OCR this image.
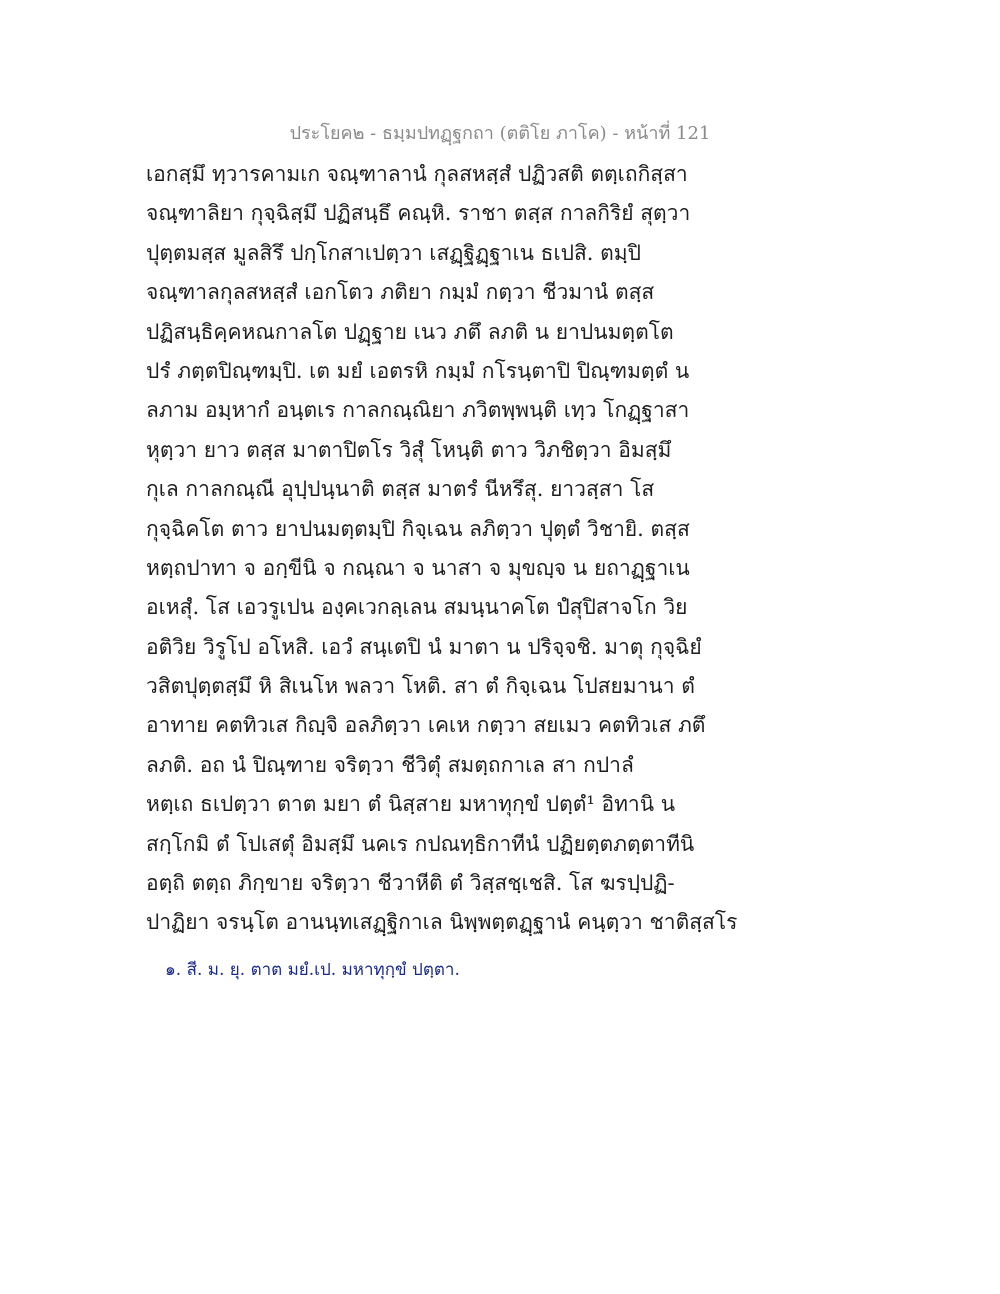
ประโยค๒ - ธมฺมปทฏฺฐกถา (ตติโย ภาโค) - หน้าที่ 121
เอกสฺมึ ทฺวารคามเก จณฺฑาลานํ กุลสหสฺสํ ปฏิวสติ ตตฺเถกิสฺสา
จณฺฑาลิยา กุจฺฉิสฺมึ ปฏิสนฺธึ คณฺหิ. ราชา ตสฺส กาลกิริยํ สุตฺวา
ปุตฺตมสฺส มูลสิรึ ปกฺโกสาเปตฺวา เสฏฺฐิฏฺฐาเน ธเปสิ. ตมฺปิ
จณฺฑาลกุลสหสฺสํ เอกโตว ภติยา กมฺมํ กตฺวา ชีวมานํ ตสฺส
ปฏิสนฺธิคฺคหณกาลโต ปฏฺฐาย เนว ภตึ ลภติ น ยาปนมตฺตโต
ปรํ ภตฺตปิณฺฑมฺปิ. เต มยํ เอตรหิ กมฺมํ กโรนฺตาปิ ปิณฺฑมตฺตํ น
ลภาม อมฺหากํ อนฺตเร กาลกณฺณิยา ภวิตพฺพนฺติ เทฺว โกฏฺฐาสา
หุตฺวา ยาว ตสฺส มาตาปิตโร วิสุํ โหนฺติ ตาว วิภชิตฺวา อิมสฺมึ
กุเล กาลกณฺณี อุปฺปนฺนาติ ตสฺส มาตรํ นีหรึสุ. ยาวสฺสา โส
กุจฺฉิคโต ตาว ยาปนมตฺตมฺปิ กิจฺเฉน ลภิตฺวา ปุตฺตํ วิชายิ. ตสฺส
หตฺถปาทา จ อกฺขีนิ จ กณฺณา จ นาสา จ มุขญฺจ น ยถาฏฺฐาเน
อเหสุํ. โส เอวรูเปน องฺคเวกลฺเลน สมนฺนาคโต ปํสุปิสาจโก วิย
อติวิย วิรูโป อโหสิ. เอวํ สนฺเตปิ นํ มาตา น ปริจฺจชิ. มาตุ กุจฺฉิยํ
วสิตปุตฺตสฺมึ หิ สิเนโห พลวา โหติ. สา ตํ กิจฺเฉน โปสยมานา ตํ
อาทาย คตทิวเส กิญฺจิ อลภิตฺวา เคเห กตฺวา สยเมว คตทิวเส ภตึ
ลภติ. อถ นํ ปิณฺฑาย จริตฺวา ชีวิตุํ สมตฺถกาเล สา กปาลํ
หตฺเถ ธเปตฺวา ตาต มยา ตํ นิสฺสาย มหาทุกฺขํ ปตฺตํ¹ อิทานิ น
สกฺโกมิ ตํ โปเสตุํ อิมสฺมึ นคเร กปณทฺธิกาทีนํ ปฏิยตฺตภตฺตาทีนิ
อตฺถิ ตตฺถ ภิกฺขาย จริตฺวา ชีวาหีติ ตํ วิสฺสชฺเชสิ. โส ฆรปฺปฏิ-
ปาฏิยา จรนฺโต อานนฺทเสฏฺฐิกาเล นิพฺพตฺตฏฺฐานํ คนฺตฺวา ชาติสฺสโร
๑. สี. ม. ยุ. ตาต มยํ.เป. มหาทุกฺขํ ปตฺตา.
